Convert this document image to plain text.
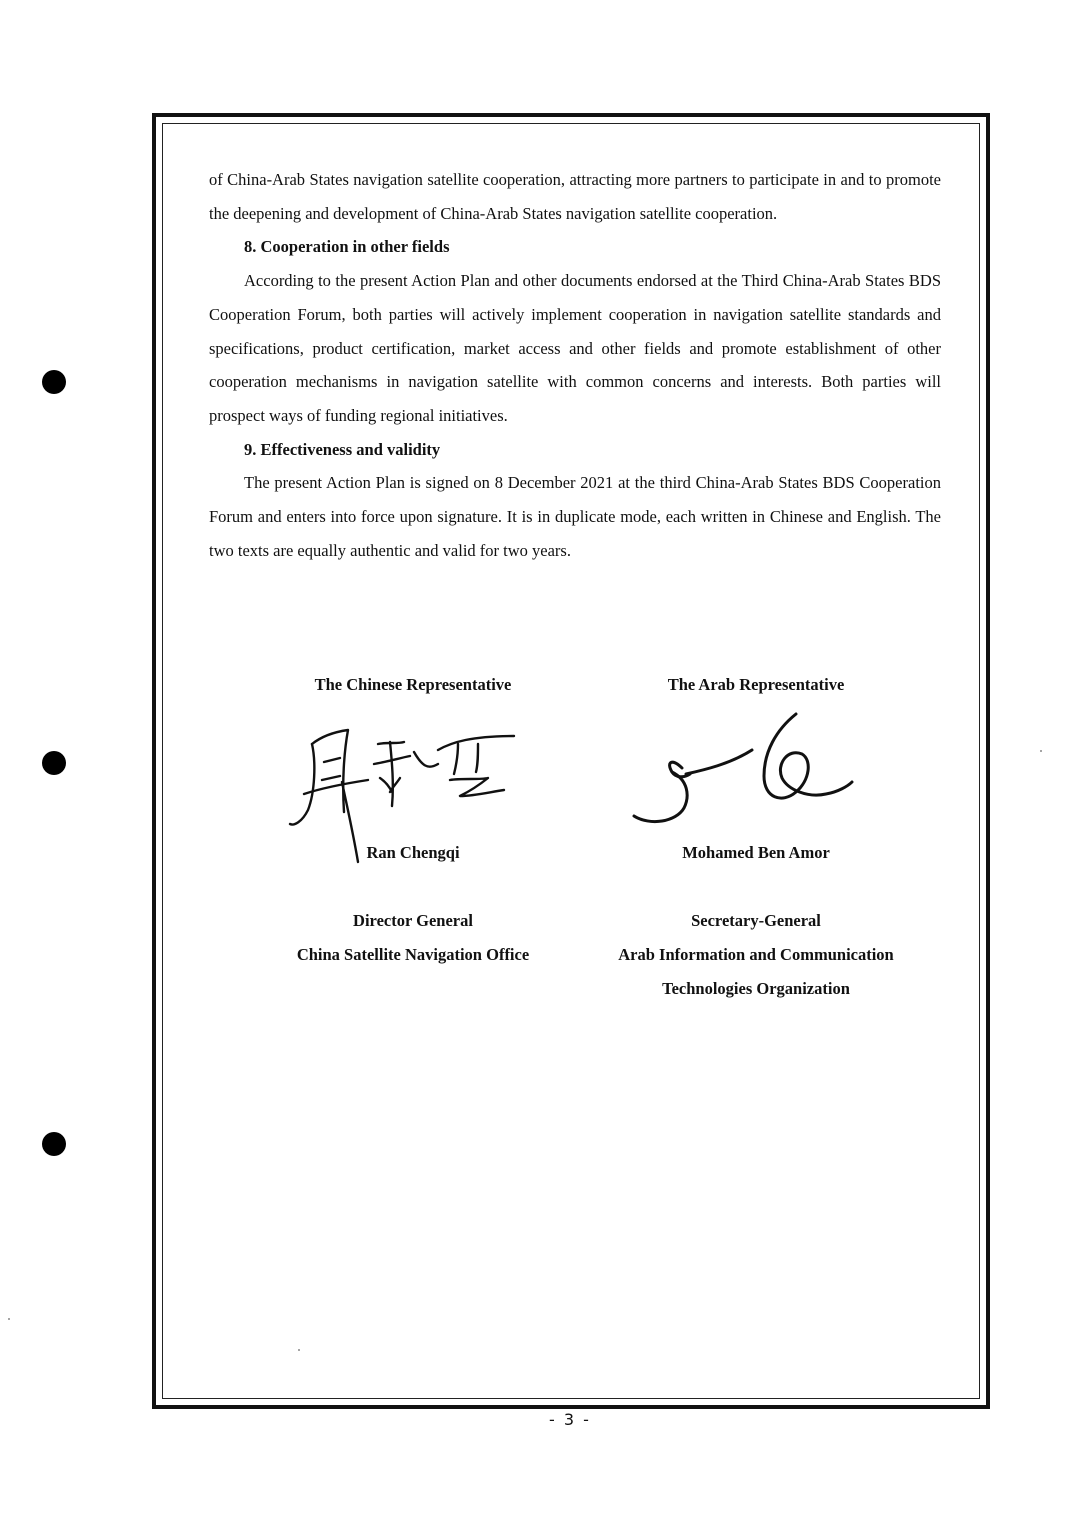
of China-Arab States navigation satellite cooperation, attracting more partners to participate in and to promote the deepening and development of China-Arab States navigation satellite cooperation.

8. Cooperation in other fields

According to the present Action Plan and other documents endorsed at the Third China-Arab States BDS Cooperation Forum, both parties will actively implement cooperation in navigation satellite standards and specifications, product certification, market access and other fields and promote establishment of other cooperation mechanisms in navigation satellite with common concerns and interests. Both parties will prospect ways of funding regional initiatives.

9. Effectiveness and validity

The present Action Plan is signed on 8 December 2021 at the third China-Arab States BDS Cooperation Forum and enters into force upon signature. It is in duplicate mode, each written in Chinese and English. The two texts are equally authentic and valid for two years.

The Chinese Representative
Ran Chengqi
Director General
China Satellite Navigation Office
The Arab Representative
Mohamed Ben Amor
Secretary-General
Arab Information and Communication
Technologies Organization
- 3 -
